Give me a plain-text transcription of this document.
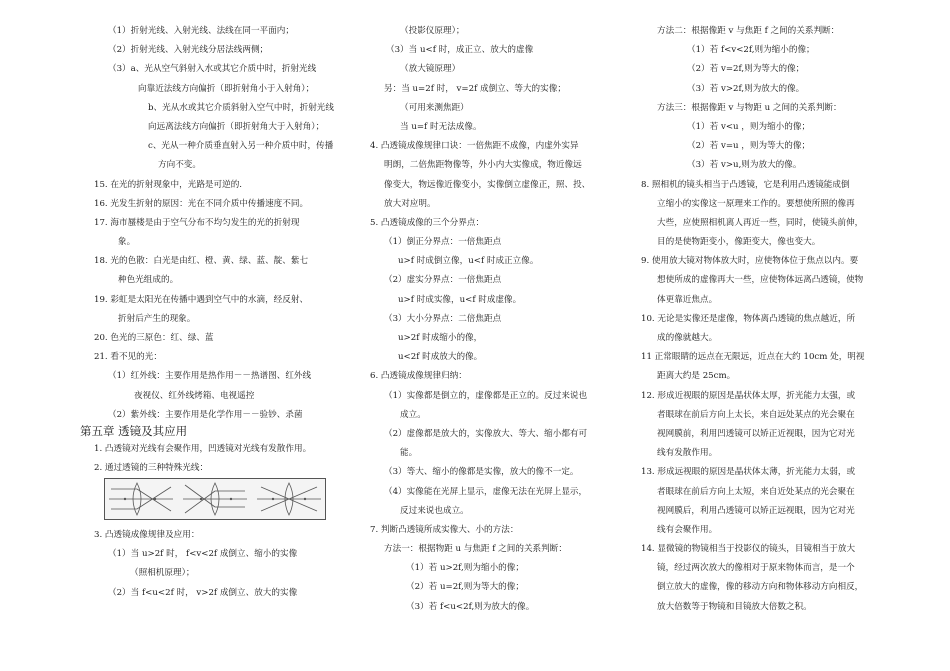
（1）折射光线、入射光线、法线在同一平面内；
（2）折射光线、入射光线分居法线两侧；
（3）a、光从空气斜射入水或其它介质中时，折射光线
向靠近法线方向偏折（即折射角小于入射角）；
b、光从水或其它介质斜射入空气中时，折射光线
向远离法线方向偏折（即折射角大于入射角）；
c、光从一种介质垂直射入另一种介质中时，传播
方向不变。
15. 在光的折射现象中，光路是可逆的.
16. 光发生折射的原因：光在不同介质中传播速度不同。
17. 海市蜃楼是由于空气分布不均匀发生的光的折射现
象。
18. 光的色散：白光是由红、橙、黄、绿、蓝、靛、紫七
种色光组成的。
19. 彩虹是太阳光在传播中遇到空气中的水滴，经反射、
折射后产生的现象。
20. 色光的三原色：红、绿、蓝
21. 看不见的光：
（1）红外线：主要作用是热作用－－热谱图、红外线
夜视仪、红外线烤箱、电视遥控
（2）紫外线：主要作用是化学作用－－验钞、杀菌
第五章 透镜及其应用
1. 凸透镜对光线有会聚作用，凹透镜对光线有发散作用。
2. 通过透镜的三种特殊光线：
3. 凸透镜成像规律及应用：
（1）当 u>2f 时， f<v<2f 成倒立、缩小的实像
（照相机原理）；
（2）当 f<u<2f 时， v>2f 成倒立、放大的实像
（投影仪原理）；
（3）当 u<f 时，成正立、放大的虚像
（放大镜原理）
另：当 u=2f 时， v=2f 成倒立、等大的实像；
（可用来测焦距）
当 u=f 时无法成像。
4. 凸透镜成像规律口诀：一倍焦距不成像，内虚外实异
明朗，二倍焦距物像等，外小内大实像成，物近像远
像变大，物远像近像变小，实像倒立虚像正，照、投、
放大对应明。
5. 凸透镜成像的三个分界点：
（1）倒正分界点：一倍焦距点
u>f 时成倒立像，u<f 时成正立像。
（2）虚实分界点：一倍焦距点
u>f 时成实像，u<f 时成虚像。
（3）大小分界点：二倍焦距点
u>2f 时成缩小的像，
u<2f 时成放大的像。
6. 凸透镜成像规律归纳：
（1）实像都是倒立的，虚像都是正立的。反过来说也
成立。
（2）虚像都是放大的，实像放大、等大、缩小都有可
能。
（3）等大、缩小的像都是实像，放大的像不一定。
（4）实像能在光屏上显示，虚像无法在光屏上显示，
反过来说也成立。
7. 判断凸透镜所成实像大、小的方法：
方法一：根据物距 u 与焦距 f 之间的关系判断：
（1）若 u>2f,则为缩小的像；
（2）若 u=2f,则为等大的像；
（3）若 f<u<2f,则为放大的像。
方法二：根据像距 v 与焦距 f 之间的关系判断：
（1）若 f<v<2f,则为缩小的像；
（2）若 v=2f,则为等大的像；
（3）若 v>2f,则为放大的像。
方法三：根据像距 v 与物距 u 之间的关系判断：
（1）若 v<u ，则为缩小的像；
（2）若 v=u ，则为等大的像；
（3）若 v>u,则为放大的像。
8. 照相机的镜头相当于凸透镜，它是利用凸透镜能成倒
立缩小的实像这一原理来工作的。要想使所照的像再
大些，应使照相机离人再近一些，同时，使镜头前伸，
目的是使物距变小，像距变大，像也变大。
9. 使用放大镜对物体放大时，应使物体位于焦点以内。要
想使所成的虚像再大一些，应使物体远离凸透镜，使物
体更靠近焦点。
10. 无论是实像还是虚像，物体离凸透镜的焦点越近，所
成的像就越大。
11 正常眼睛的远点在无限远，近点在大约 10cm 处，明视
距离大约是 25cm。
12. 形成近视眼的原因是晶状体太厚，折光能力太强，或
者眼球在前后方向上太长，来自远处某点的光会聚在
视网膜前，利用凹透镜可以矫正近视眼，因为它对光
线有发散作用。
13. 形成远视眼的原因是晶状体太薄，折光能力太弱，或
者眼球在前后方向上太短，来自近处某点的光会聚在
视网膜后，利用凸透镜可以矫正远视眼，因为它对光
线有会聚作用。
14. 显微镜的物镜相当于投影仪的镜头，目镜相当于放大
镜，经过两次放大的像相对于原来物体而言，是一个
倒立放大的虚像，像的移动方向和物体移动方向相反，
放大倍数等于物镜和目镜放大倍数之积。
